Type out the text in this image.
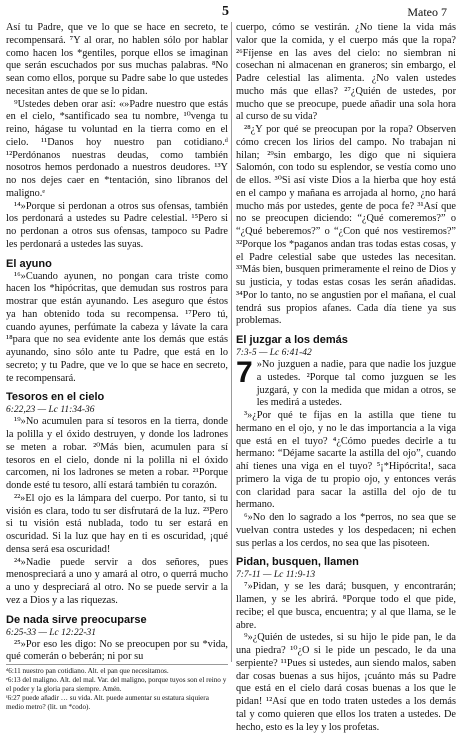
5	Mateo 7

Así tu Padre, que ve lo que se hace en secreto, te recompensará. ⁷Y al orar, no hablen sólo por hablar como hacen los *gentiles, porque ellos se imaginan que serán escuchados por sus muchas palabras. ⁸No sean como ellos, porque su Padre sabe lo que ustedes necesitan antes de que se lo pidan.

⁹Ustedes deben orar así: «»Padre nuestro que estás en el cielo, *santificado sea tu nombre, ¹⁰venga tu reino, hágase tu voluntad en la tierra como en el cielo. ¹¹Danos hoy nuestro pan cotidiano.ᵈ ¹²Perdónanos nuestras deudas, como también nosotros hemos perdonado a nuestros deudores. ¹³Y no nos dejes caer en *tentación, sino líbranos del maligno.ᵉ

¹⁴»Porque si perdonan a otros sus ofensas, también los perdonará a ustedes su Padre celestial. ¹⁵Pero si no perdonan a otros sus ofensas, tampoco su Padre les perdonará a ustedes las suyas.

El ayuno

¹⁶»Cuando ayunen, no pongan cara triste como hacen los *hipócritas, que demudan sus rostros para mostrar que están ayunando. Les aseguro que éstos ya han obtenido toda su recompensa. ¹⁷Pero tú, cuando ayunes, perfúmate la cabeza y lávate la cara ¹⁸para que no sea evidente ante los demás que estás ayunando, sino sólo ante tu Padre, que está en lo secreto; y tu Padre, que ve lo que se hace en secreto, te recompensará.

Tesoros en el cielo
6:22,23 — Lc 11:34-36

¹⁹»No acumulen para sí tesoros en la tierra, donde la polilla y el óxido destruyen, y donde los ladrones se meten a robar. ²⁰Más bien, acumulen para sí tesoros en el cielo, donde ni la polilla ni el óxido carcomen, ni los ladrones se meten a robar. ²¹Porque donde esté tu tesoro, allí estará también tu corazón.

²²»El ojo es la lámpara del cuerpo. Por tanto, si tu visión es clara, todo tu ser disfrutará de la luz. ²³Pero si tu visión está nublada, todo tu ser estará en oscuridad. Si la luz que hay en ti es oscuridad, ¡qué densa será esa oscuridad!

²⁴»Nadie puede servir a dos señores, pues menospreciará a uno y amará al otro, o querrá mucho a uno y despreciará al otro. No se puede servir a la vez a Dios y a las riquezas.

De nada sirve preocuparse
6:25-33 — Lc 12:22-31

²⁵»Por eso les digo: No se preocupen por su *vida, qué comerán o beberán; ni por su

cuerpo, cómo se vestirán. ¿No tiene la vida más valor que la comida, y el cuerpo más que la ropa? ²⁶Fíjense en las aves del cielo: no siembran ni cosechan ni almacenan en graneros; sin embargo, el Padre celestial las alimenta. ¿No valen ustedes mucho más que ellas? ²⁷¿Quién de ustedes, por mucho que se preocupe, puede añadir una sola hora al curso de su vida?

²⁸¿Y por qué se preocupan por la ropa? Observen cómo crecen los lirios del campo. No trabajan ni hilan; ²⁹sin embargo, les digo que ni siquiera Salomón, con todo su esplendor, se vestía como uno de ellos. ³⁰Si así viste Dios a la hierba que hoy está en el campo y mañana es arrojada al horno, ¿no hará mucho más por ustedes, gente de poca fe? ³¹Así que no se preocupen diciendo: “¿Qué comeremos?” o “¿Qué beberemos?” o “¿Con qué nos vestiremos?” ³²Porque los *paganos andan tras todas estas cosas, y el Padre celestial sabe que ustedes las necesitan. ³³Más bien, busquen primeramente el reino de Dios y su justicia, y todas estas cosas les serán añadidas. ³⁴Por lo tanto, no se angustien por el mañana, el cual tendrá sus propios afanes. Cada día tiene ya sus problemas.

El juzgar a los demás
7:3-5 — Lc 6:41-42
7 »No juzguen a nadie, para que nadie los juzgue a ustedes. ²Porque tal como juzguen se les juzgará, y con la medida que midan a otros, se les medirá a ustedes.

³»¿Por qué te fijas en la astilla que tiene tu hermano en el ojo, y no le das importancia a la viga que está en el tuyo? ⁴¿Cómo puedes decirle a tu hermano: “Déjame sacarte la astilla del ojo”, cuando ahí tienes una viga en el tuyo? ⁵¡*Hipócrita!, saca primero la viga de tu propio ojo, y entonces verás con claridad para sacar la astilla del ojo de tu hermano.

⁶»No den lo sagrado a los *perros, no sea que se vuelvan contra ustedes y los despedacen; ni echen sus perlas a los cerdos, no sea que las pisoteen.

Pidan, busquen, llamen
7:7-11 — Lc 11:9-13

⁷»Pidan, y se les dará; busquen, y encontrarán; llamen, y se les abrirá. ⁸Porque todo el que pide, recibe; el que busca, encuentra; y al que llama, se le abre.

⁹»¿Quién de ustedes, si su hijo le pide pan, le da una piedra? ¹⁰¿O si le pide un pescado, le da una serpiente? ¹¹Pues si ustedes, aun siendo malos, saben dar cosas buenas a sus hijos, ¡cuánto más su Padre que está en el cielo dará cosas buenas a los que le pidan! ¹²Así que en todo traten ustedes a los demás tal y como quieren que ellos los traten a ustedes. De hecho, esto es la ley y los profetas.

ᵈ6:11 nuestro pan cotidiano. Alt. el pan que necesitamos.
ᵉ6:13 del maligno. Alt. del mal. Var. del maligno, porque tuyos son el reino y el poder y la gloria para siempre. Amén.
ᶠ6:27 puede añadir … su vida. Alt. puede aumentar su estatura siquiera medio metro? (lit. un *codo).
